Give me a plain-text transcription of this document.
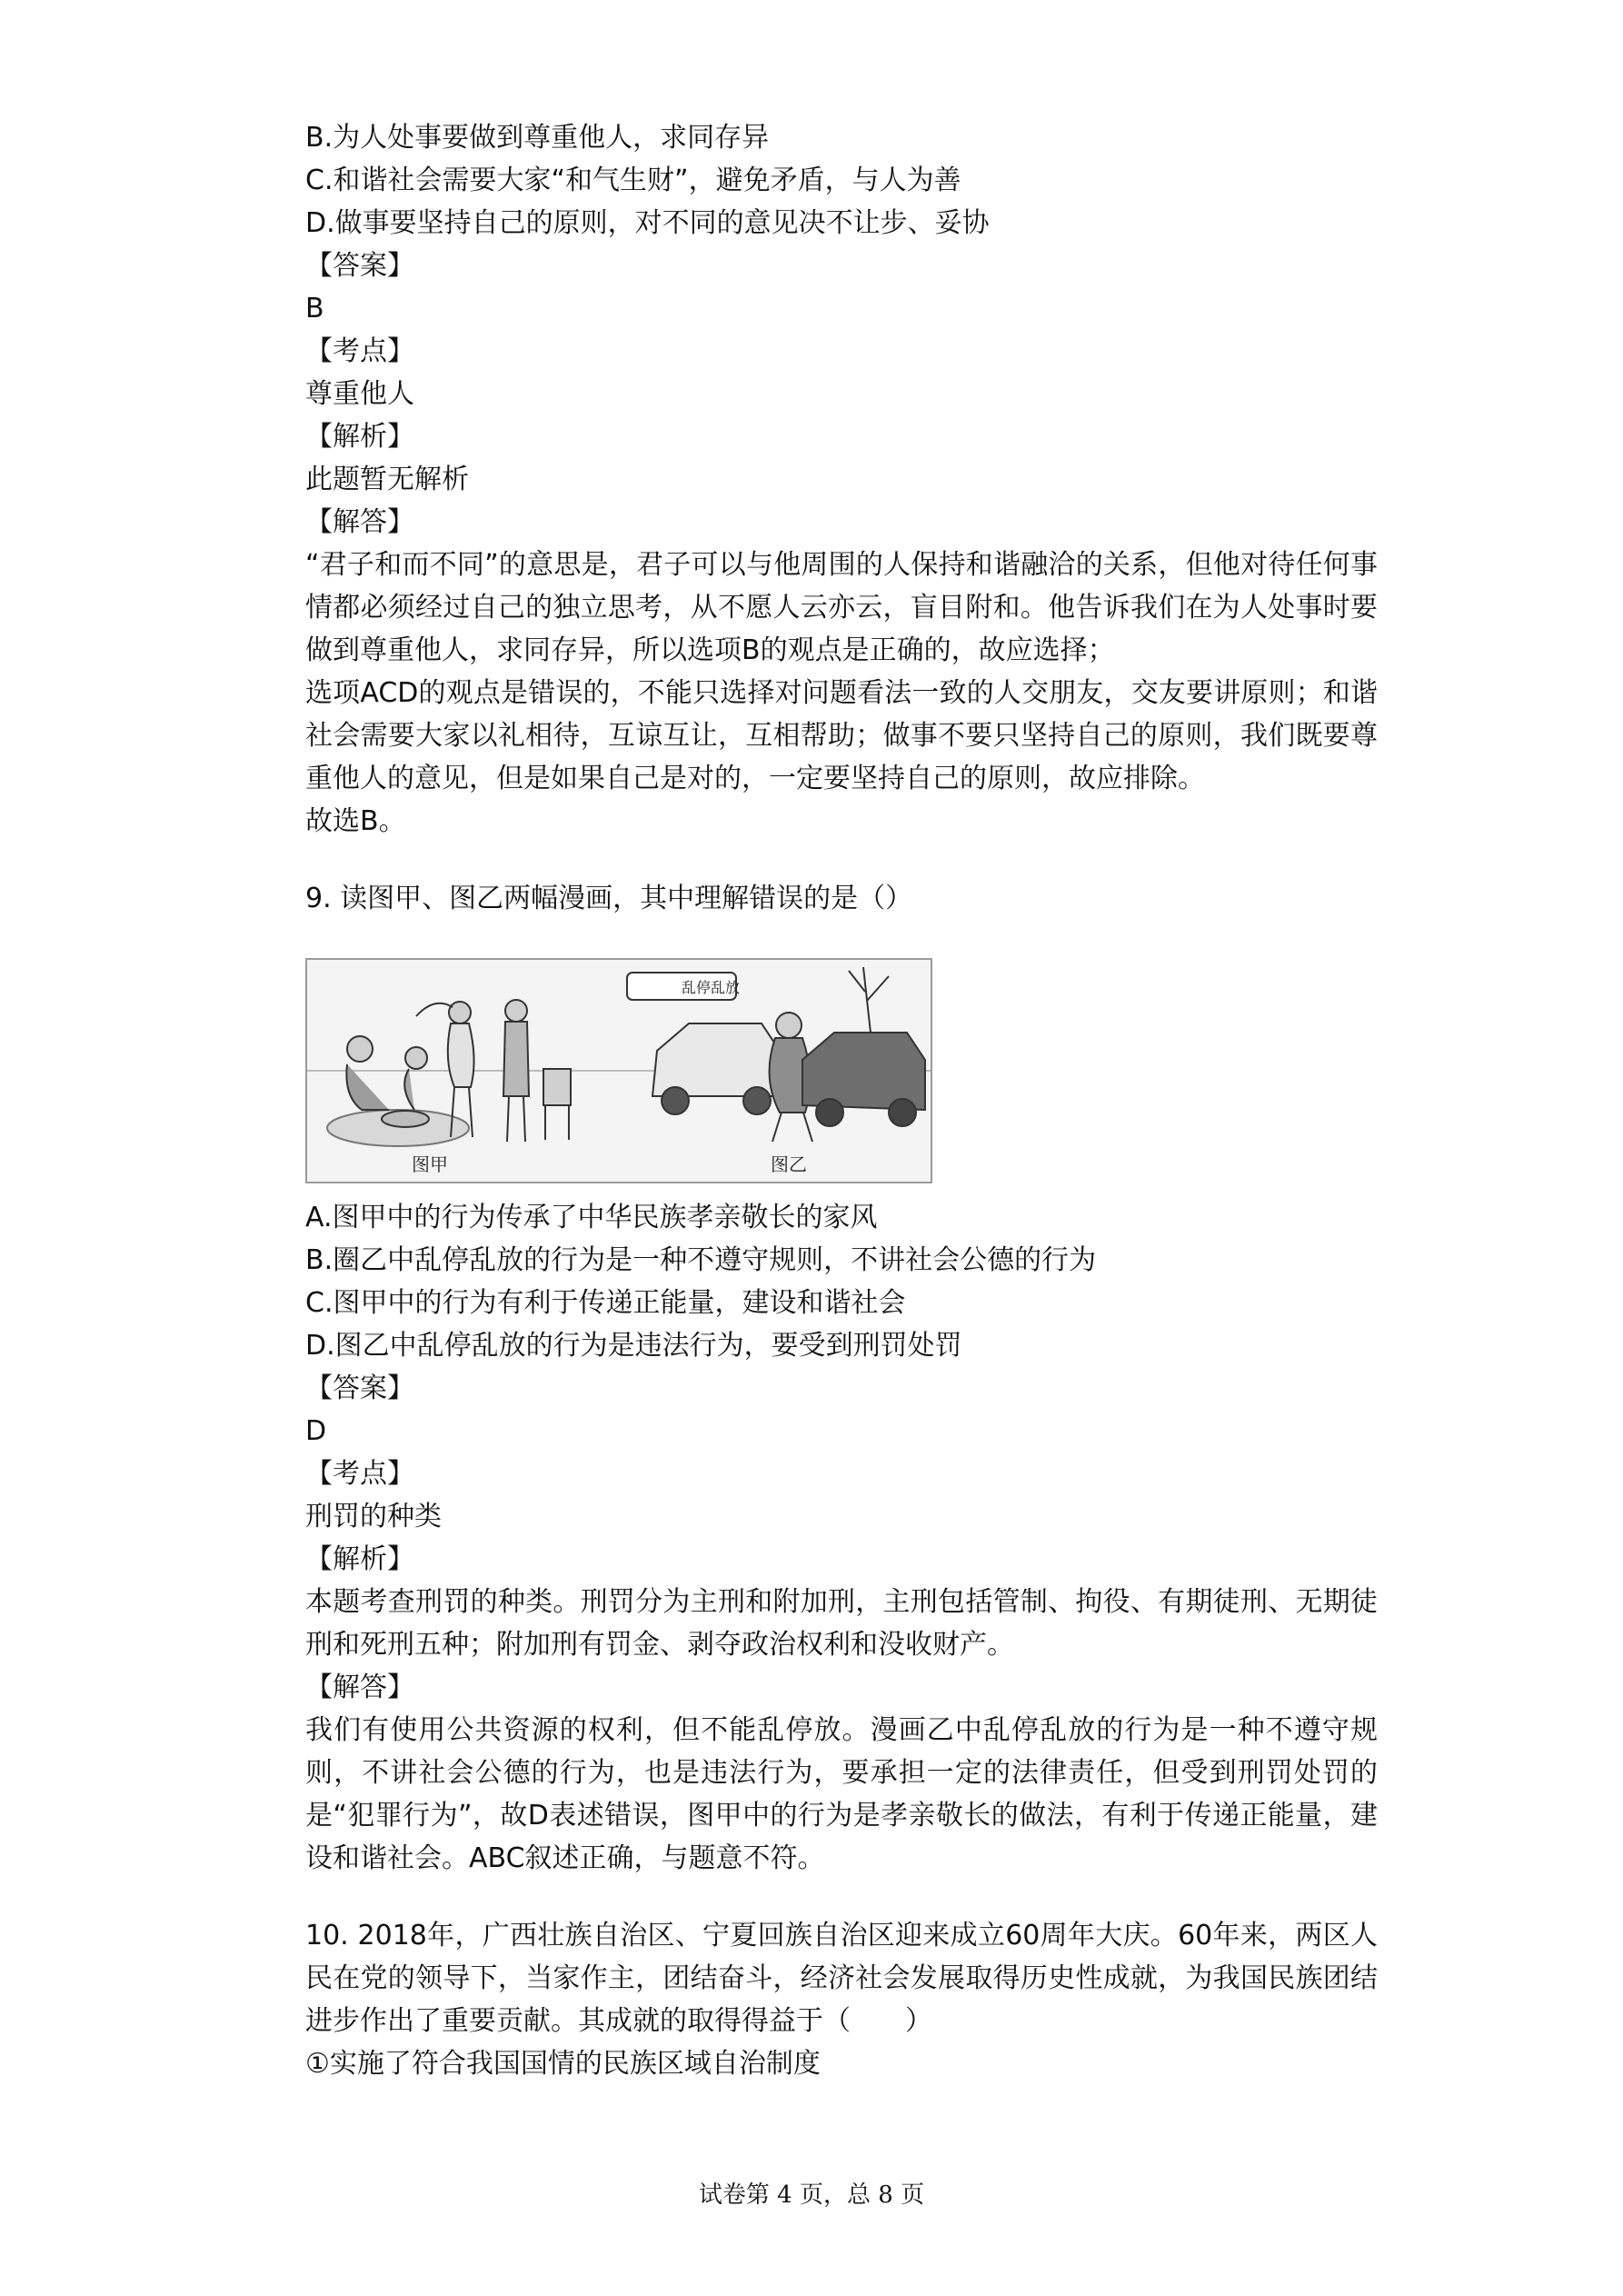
B.为人处事要做到尊重他人，求同存异

C.和谐社会需要大家“和气生财”，避免矛盾，与人为善

D.做事要坚持自己的原则，对不同的意见决不让步、妥协

【答案】

B

【考点】

尊重他人

【解析】

此题暂无解析

【解答】

“君子和而不同”的意思是，君子可以与他周围的人保持和谐融洽的关系，但他对待任何事情都必须经过自己的独立思考，从不愿人云亦云，盲目附和。他告诉我们在为人处事时要做到尊重他人，求同存异，所以选项B的观点是正确的，故应选择；

选项ACD的观点是错误的，不能只选择对问题看法一致的人交朋友，交友要讲原则；和谐社会需要大家以礼相待，互谅互让，互相帮助；做事不要只坚持自己的原则，我们既要尊重他人的意见，但是如果自己是对的，一定要坚持自己的原则，故应排除。

故选B。

9. 读图甲、图乙两幅漫画，其中理解错误的是（）

乱停乱放
图甲	图乙

A.图甲中的行为传承了中华民族孝亲敬长的家风

B.圈乙中乱停乱放的行为是一种不遵守规则，不讲社会公德的行为

C.图甲中的行为有利于传递正能量，建设和谐社会

D.图乙中乱停乱放的行为是违法行为，要受到刑罚处罚

【答案】

D

【考点】

刑罚的种类

【解析】

本题考查刑罚的种类。刑罚分为主刑和附加刑，主刑包括管制、拘役、有期徒刑、无期徒刑和死刑五种；附加刑有罚金、剥夺政治权利和没收财产。

【解答】

我们有使用公共资源的权利，但不能乱停放。漫画乙中乱停乱放的行为是一种不遵守规则，不讲社会公德的行为，也是违法行为，要承担一定的法律责任，但受到刑罚处罚的是“犯罪行为”，故D表述错误，图甲中的行为是孝亲敬长的做法，有利于传递正能量，建设和谐社会。ABC叙述正确，与题意不符。

10. 2018年，广西壮族自治区、宁夏回族自治区迎来成立60周年大庆。60年来，两区人民在党的领导下，当家作主，团结奋斗，经济社会发展取得历史性成就，为我国民族团结进步作出了重要贡献。其成就的取得得益于（　　）

①实施了符合我国国情的民族区域自治制度

试卷第 4 页，总 8 页
